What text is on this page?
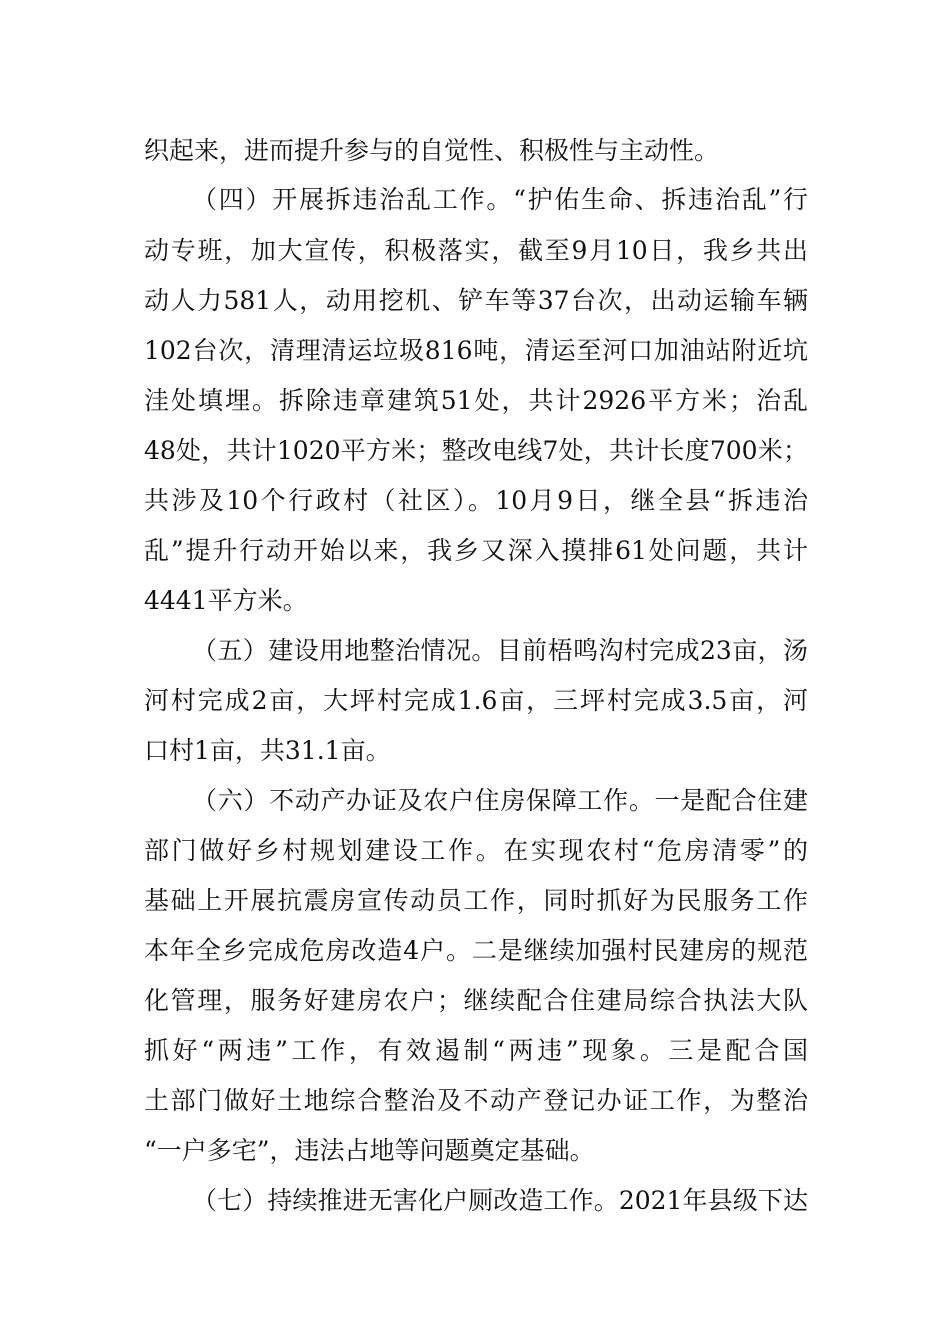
织起来，进而提升参与的自觉性、积极性与主动性。
（四）开展拆违治乱工作。“护佑生命、拆违治乱”行
动专班，加大宣传，积极落实，截至9月10日，我乡共出
动人力581人，动用挖机、铲车等37台次，出动运输车辆
102台次，清理清运垃圾816吨，清运至河口加油站附近坑
洼处填埋。拆除违章建筑51处，共计2926平方米；治乱
48处，共计1020平方米；整改电线7处，共计长度700米；
共涉及10个行政村（社区）。10月9日，继全县“拆违治
乱”提升行动开始以来，我乡又深入摸排61处问题，共计
4441平方米。
（五）建设用地整治情况。目前梧鸣沟村完成23亩，汤
河村完成2亩，大坪村完成1.6亩，三坪村完成3.5亩，河
口村1亩，共31.1亩。
（六）不动产办证及农户住房保障工作。一是配合住建
部门做好乡村规划建设工作。在实现农村“危房清零”的
基础上开展抗震房宣传动员工作，同时抓好为民服务工作
本年全乡完成危房改造4户。二是继续加强村民建房的规范
化管理，服务好建房农户；继续配合住建局综合执法大队
抓好“两违”工作，有效遏制“两违”现象。三是配合国
土部门做好土地综合整治及不动产登记办证工作，为整治
“一户多宅”，违法占地等问题奠定基础。
（七）持续推进无害化户厕改造工作。2021年县级下达
